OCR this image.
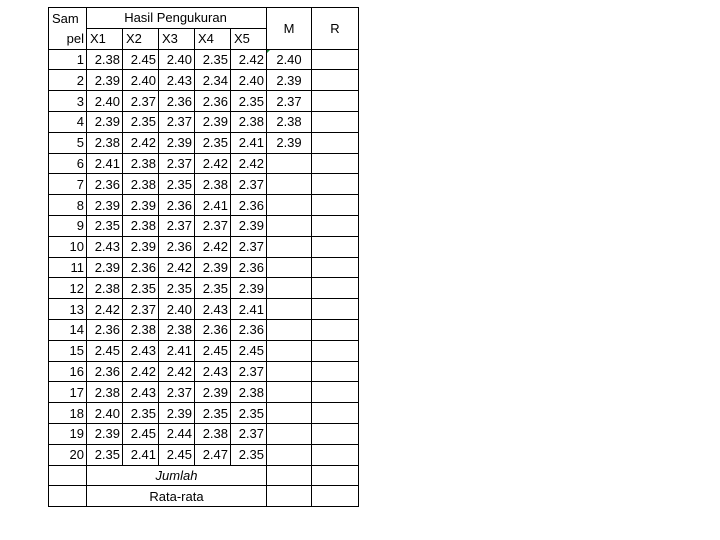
Sam	Hasil Pengukuran					M	R
pel	X1	X2	X3	X4	X5		
1	2.38	2.45	2.40	2.35	2.42	2.40	
2	2.39	2.40	2.43	2.34	2.40	2.39	
3	2.40	2.37	2.36	2.36	2.35	2.37	
4	2.39	2.35	2.37	2.39	2.38	2.38	
5	2.38	2.42	2.39	2.35	2.41	2.39	
6	2.41	2.38	2.37	2.42	2.42		
7	2.36	2.38	2.35	2.38	2.37		
8	2.39	2.39	2.36	2.41	2.36		
9	2.35	2.38	2.37	2.37	2.39		
10	2.43	2.39	2.36	2.42	2.37		
11	2.39	2.36	2.42	2.39	2.36		
12	2.38	2.35	2.35	2.35	2.39		
13	2.42	2.37	2.40	2.43	2.41		
14	2.36	2.38	2.38	2.36	2.36		
15	2.45	2.43	2.41	2.45	2.45		
16	2.36	2.42	2.42	2.43	2.37		
17	2.38	2.43	2.37	2.39	2.38		
18	2.40	2.35	2.39	2.35	2.35		
19	2.39	2.45	2.44	2.38	2.37		
20	2.35	2.41	2.45	2.47	2.35		
	Jumlah						
	Rata-rata						
